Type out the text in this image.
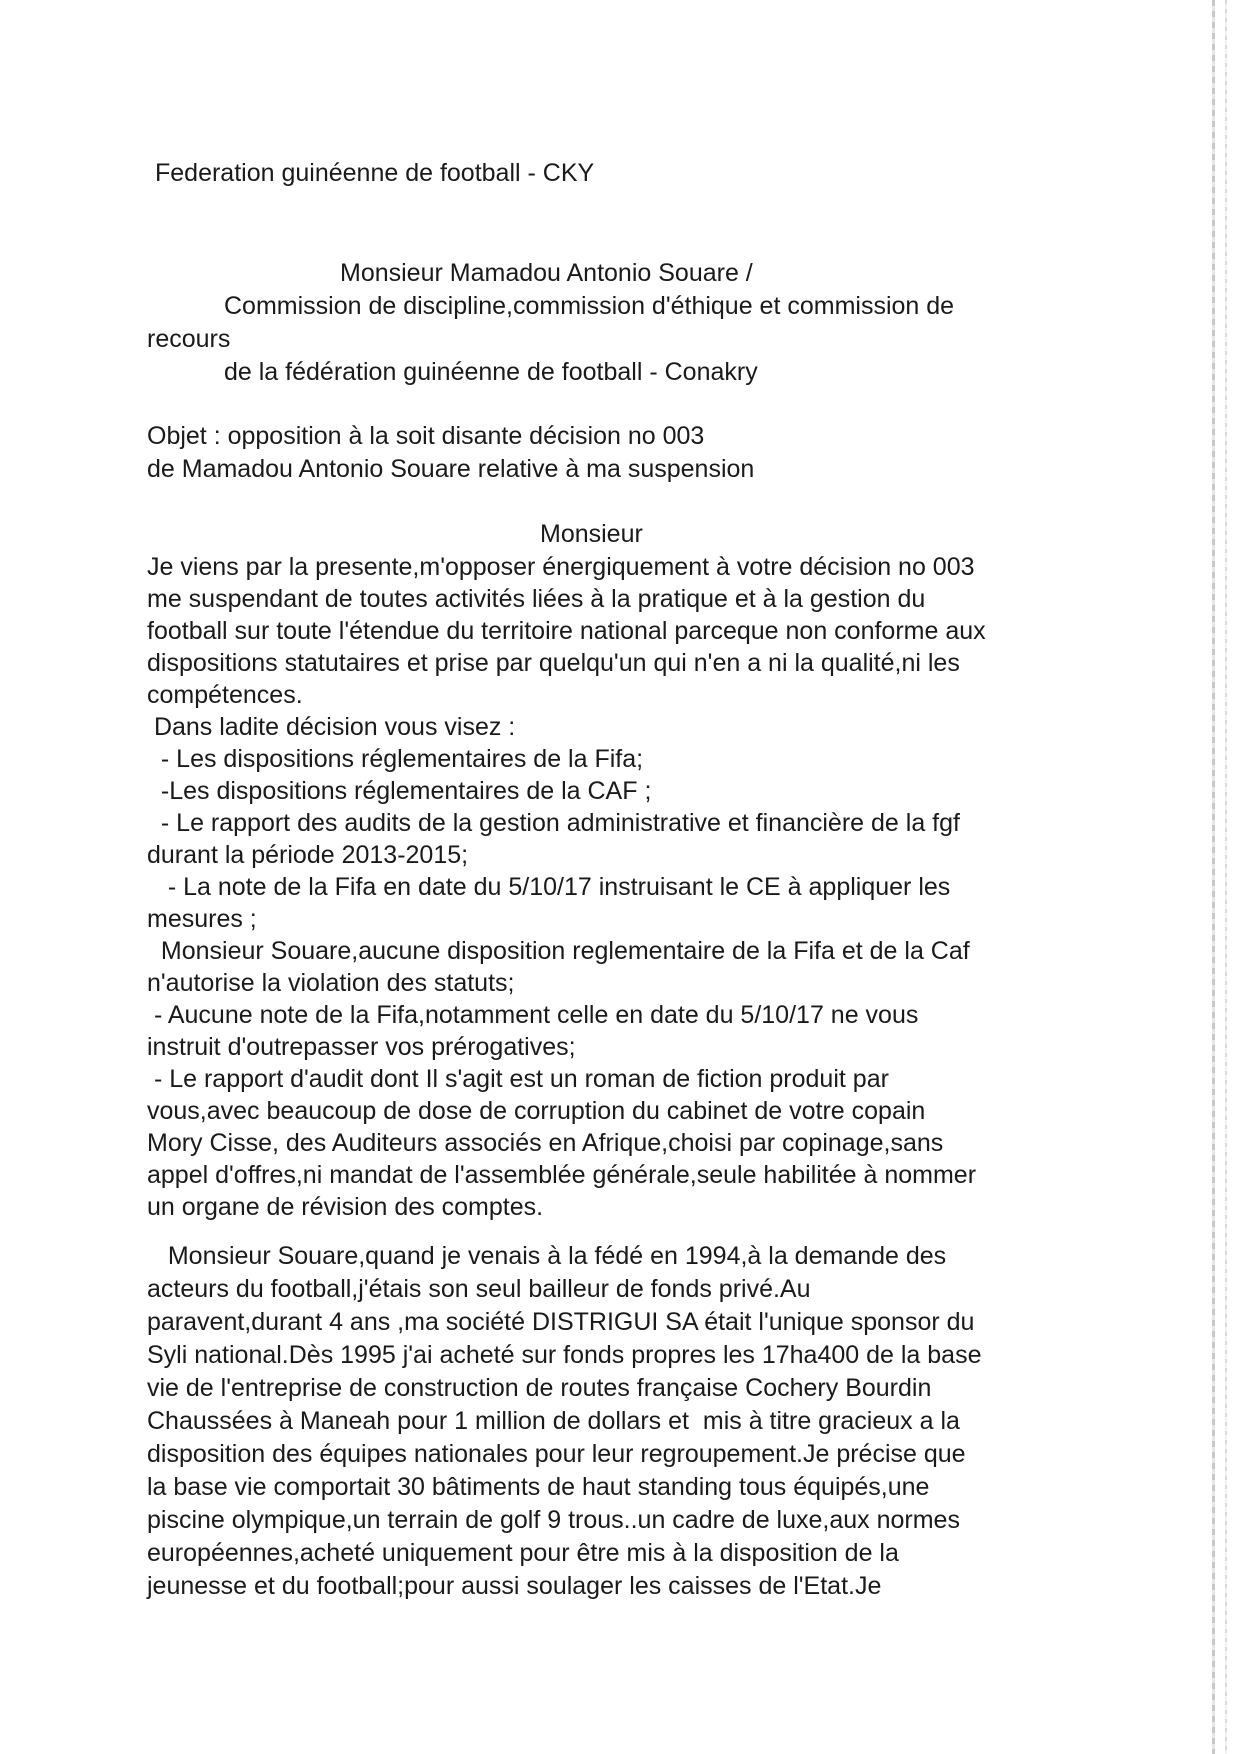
Federation guinéenne de football - CKY
Monsieur Mamadou Antonio Souare /
Commission de discipline,commission d'éthique et commission de
recours
de la fédération guinéenne de football - Conakry
Objet : opposition à la soit disante décision no 003
de Mamadou Antonio Souare relative à ma suspension
Monsieur
Je viens par la presente,m'opposer énergiquement à votre décision no 003
me suspendant de toutes activités liées à la pratique et à la gestion du
football sur toute l'étendue du territoire national parceque non conforme aux
dispositions statutaires et prise par quelqu'un qui n'en a ni la qualité,ni les
compétences.
Dans ladite décision vous visez :
- Les dispositions réglementaires de la Fifa;
-Les dispositions réglementaires de la CAF ;
- Le rapport des audits de la gestion administrative et financière de la fgf
durant la période 2013-2015;
- La note de la Fifa en date du 5/10/17 instruisant le CE à appliquer les
mesures ;
Monsieur Souare,aucune disposition reglementaire de la Fifa et de la Caf
n'autorise la violation des statuts;
- Aucune note de la Fifa,notamment celle en date du 5/10/17 ne vous
instruit d'outrepasser vos prérogatives;
- Le rapport d'audit dont Il s'agit est un roman de fiction produit par
vous,avec beaucoup de dose de corruption du cabinet de votre copain
Mory Cisse, des Auditeurs associés en Afrique,choisi par copinage,sans
appel d'offres,ni mandat de l'assemblée générale,seule habilitée à nommer
un organe de révision des comptes.
Monsieur Souare,quand je venais à la fédé en 1994,à la demande des
acteurs du football,j'étais son seul bailleur de fonds privé.Au
paravent,durant 4 ans ,ma société DISTRIGUI SA était l'unique sponsor du
Syli national.Dès 1995 j'ai acheté sur fonds propres les 17ha400 de la base
vie de l'entreprise de construction de routes française Cochery Bourdin
Chaussées à Maneah pour 1 million de dollars et  mis à titre gracieux a la
disposition des équipes nationales pour leur regroupement.Je précise que
la base vie comportait 30 bâtiments de haut standing tous équipés,une
piscine olympique,un terrain de golf 9 trous..un cadre de luxe,aux normes
européennes,acheté uniquement pour être mis à la disposition de la
jeunesse et du football;pour aussi soulager les caisses de l'Etat.Je
